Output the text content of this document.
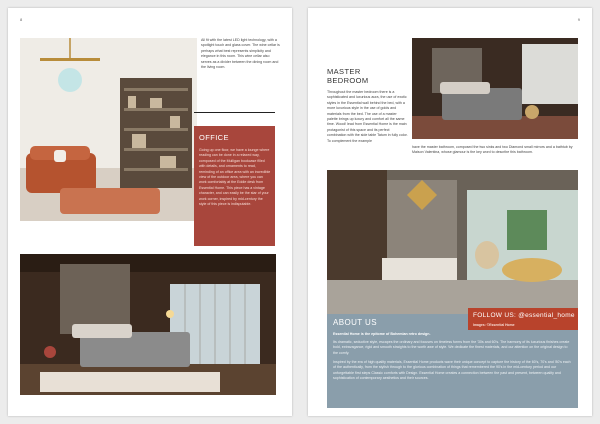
8
All fit with the latest LED light technology, with a spotlight touch and glass cover. The wine cellar is perhaps what best represents simplicity and elegance in this room. This wine cellar also serves as a divider between the dining room and the living room.
OFFICE
Going up one floor, we have a lounge where reading can be done in a relaxed way, composed of the Mulligan bookcase filled with details, and ornaments to read, reminding of an office area with an incredible view of the outdoor area, where you can work comfortably at the Eddie desk from Essential Home. This piece has a vintage character, and can easily be the star of your work corner, inspired by mid-century the style of this piece is indisputable.
9
MASTER
BEDROOM
Throughout the master bedroom there is a sophisticated and luxurious aura, the use of exotic styles in the Essential wall behind the bed, with a more luxurious style in the use of golds and materials from the bed. The use of a master palette brings up luxury and comfort all the same time. Wood! lead from Essential Home is the main protagonist of this space and its perfect combination with the side table Tatum in fully color. To complement the example
have the master bathroom, composed the two sinks and two Diamond small mirrors and a bathtub by Maison Valentina, whose glamour is the key word to describe this bathroom.
ABOUT US
Essential Home is the epitome of Bohemian retro design.
Its dramatic, seductive style, escapes the ordinary and focuses on timeless forms from the '30s and 60's. The harmony of its luxurious finishes create bold, extravagance, rigid and smooth straights to the worth awe of style. We dedicate the finest materials, and our attention on the original design to the comfy.
Inspired by the era of high quality materials, Essential Home products wave their unique concept to capture the history of the 60's, 70's and '80's each of the authentically, from the stylish through to the glorious combination of things that remembered the 90's in the mid-century period and our unforgettable first steps Classic comforts with Design. Essential Home creates a connection between the past and present, between quality and sophistication of contemporary aesthetics and their sources.
FOLLOW US: @essential_home
Images: ©Essential Home
